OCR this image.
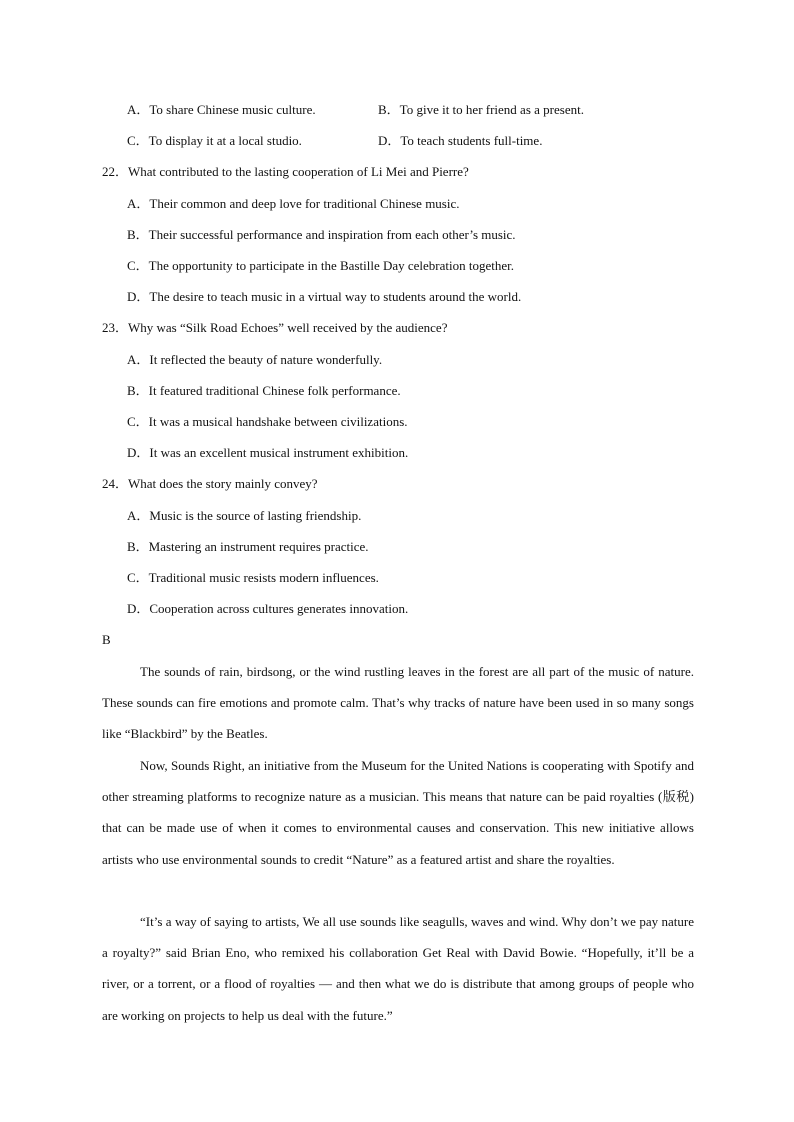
A．To share Chinese music culture.	B．To give it to her friend as a present.
C．To display it at a local studio.	D．To teach students full-time.
22．What contributed to the lasting cooperation of Li Mei and Pierre?
A．Their common and deep love for traditional Chinese music.
B．Their successful performance and inspiration from each other’s music.
C．The opportunity to participate in the Bastille Day celebration together.
D．The desire to teach music in a virtual way to students around the world.
23．Why was “Silk Road Echoes” well received by the audience?
A．It reflected the beauty of nature wonderfully.
B．It featured traditional Chinese folk performance.
C．It was a musical handshake between civilizations.
D．It was an excellent musical instrument exhibition.
24．What does the story mainly convey?
A．Music is the source of lasting friendship.
B．Mastering an instrument requires practice.
C．Traditional music resists modern influences.
D．Cooperation across cultures generates innovation.
B

The sounds of rain, birdsong, or the wind rustling leaves in the forest are all part of the music of nature. These sounds can fire emotions and promote calm. That’s why tracks of nature have been used in so many songs like “Blackbird” by the Beatles.

Now, Sounds Right, an initiative from the Museum for the United Nations is cooperating with Spotify and other streaming platforms to recognize nature as a musician. This means that nature can be paid royalties (版税) that can be made use of when it comes to environmental causes and conservation. This new initiative allows artists who use environmental sounds to credit “Nature” as a featured artist and share the royalties.

“It’s a way of saying to artists, We all use sounds like seagulls, waves and wind. Why don’t we pay nature a royalty?” said Brian Eno, who remixed his collaboration Get Real with David Bowie. “Hopefully, it’ll be a river, or a torrent, or a flood of royalties — and then what we do is distribute that among groups of people who are working on projects to help us deal with the future.”
